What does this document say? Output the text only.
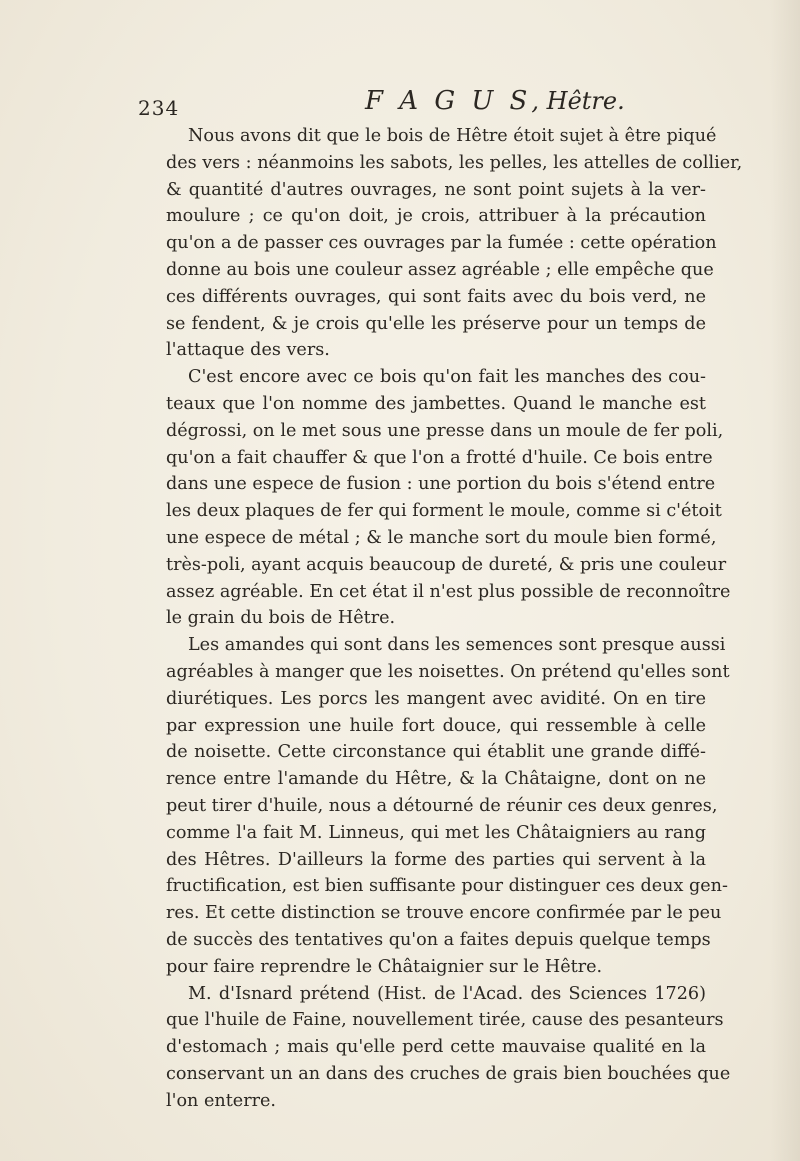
234	F A G U S, Hêtre.
Nous avons dit que le bois de Hêtre étoit sujet à être piqué
des vers : néanmoins les sabots, les pelles, les attelles de collier,
& quantité d'autres ouvrages, ne sont point sujets à la ver-
moulure ; ce qu'on doit, je crois, attribuer à la précaution
qu'on a de passer ces ouvrages par la fumée : cette opération
donne au bois une couleur assez agréable ; elle empêche que
ces différents ouvrages, qui sont faits avec du bois verd, ne
se fendent, & je crois qu'elle les préserve pour un temps de
l'attaque des vers.
C'est encore avec ce bois qu'on fait les manches des cou-
teaux que l'on nomme des jambettes. Quand le manche est
dégrossi, on le met sous une presse dans un moule de fer poli,
qu'on a fait chauffer & que l'on a frotté d'huile. Ce bois entre
dans une espece de fusion : une portion du bois s'étend entre
les deux plaques de fer qui forment le moule, comme si c'étoit
une espece de métal ; & le manche sort du moule bien formé,
très-poli, ayant acquis beaucoup de dureté, & pris une couleur
assez agréable. En cet état il n'est plus possible de reconnoître
le grain du bois de Hêtre.
Les amandes qui sont dans les semences sont presque aussi
agréables à manger que les noisettes. On prétend qu'elles sont
diurétiques. Les porcs les mangent avec avidité. On en tire
par expression une huile fort douce, qui ressemble à celle
de noisette. Cette circonstance qui établit une grande diffé-
rence entre l'amande du Hêtre, & la Châtaigne, dont on ne
peut tirer d'huile, nous a détourné de réunir ces deux genres,
comme l'a fait M. Linneus, qui met les Châtaigniers au rang
des Hêtres. D'ailleurs la forme des parties qui servent à la
fructification, est bien suffisante pour distinguer ces deux gen-
res. Et cette distinction se trouve encore confirmée par le peu
de succès des tentatives qu'on a faites depuis quelque temps
pour faire reprendre le Châtaignier sur le Hêtre.
M. d'Isnard prétend (Hist. de l'Acad. des Sciences 1726)
que l'huile de Faine, nouvellement tirée, cause des pesanteurs
d'estomach ; mais qu'elle perd cette mauvaise qualité en la
conservant un an dans des cruches de grais bien bouchées que
l'on enterre.
